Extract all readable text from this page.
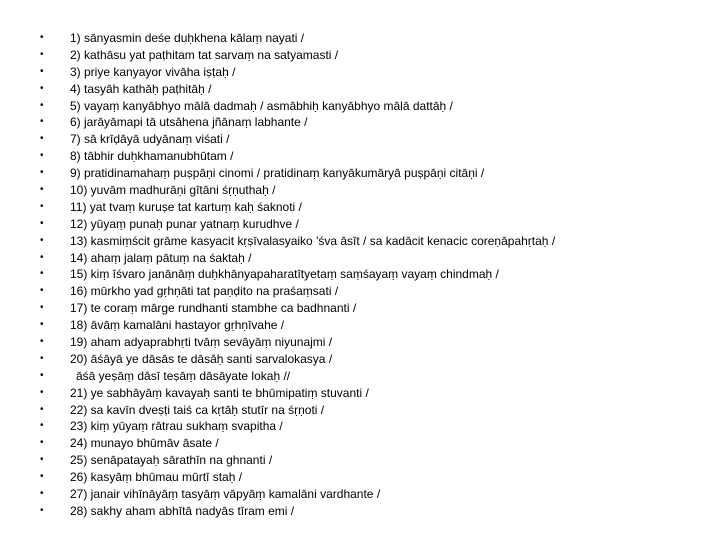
•	1) sānyasmin deśe duḥkhena kālaṃ nayati /
•	2) kathāsu yat paṭhitam tat sarvaṃ na satyamasti /
•	3) priye kanyayor vivāha iṣṭaḥ /
•	4) tasyāh kathāḥ paṭhitāḥ /
•	5) vayaṃ kanyābhyo mālā dadmaḥ / asmābhiḥ kanyābhyo mālā dattāḥ /
•	6) jarāyāmapi tā utsāhena jñānaṃ labhante /
•	7) sā krīḍāyā udyānaṃ viśati /
•	8) tābhir duḥkhamanubhūtam /
•	9) pratidinamahaṃ puṣpāṇi cinomi / pratidinaṃ kanyākumāryā puṣpāṇi citāṇi /
•	10) yuvām madhurāṇi gītāni śṛṇuthaḥ /
•	11) yat tvaṃ kuruṣe tat kartuṃ kaḥ śaknoti /
•	12) yūyaṃ punaḥ punar yatnaṃ kurudhve /
•	13) kasmiṃścit grāme kasyacit kṛṣīvalasyaiko 'śva āsīt / sa kadācit kenacic coreṇāpahṛtaḥ /
•	14) ahaṃ jalaṃ pātuṃ na śaktaḥ /
•	15) kiṃ īśvaro janānāṃ duḥkhānyapaharatītyetaṃ saṃśayaṃ vayaṃ chindmaḥ /
•	16) mūrkho yad gṛhṇāti tat paṇḍito na praśaṃsati /
•	17) te coraṃ mārge rundhanti stambhe ca badhnanti /
•	18) āvāṃ kamalāni hastayor gṛhṇīvahe /
•	19) aham adyaprabhṛti tvāṃ sevāyāṃ niyunajmi /
•	20) āśāyā ye dāsās te dāsāḥ santi sarvalokasya /
•	āśā yeṣāṃ dāsī teṣāṃ dāsāyate lokaḥ //
•	21) ye sabhāyāṃ kavayaḥ santi te bhūmipatiṃ stuvanti /
•	22) sa kavīn dveṣṭi taiś ca kṛtāḥ stutīr na śṛṇoti /
•	23) kiṃ yūyaṃ rātrau sukhaṃ svapitha /
•	24) munayo bhūmāv āsate /
•	25) senāpatayaḥ sārathīn na ghnanti /
•	26) kasyāṃ bhūmau mūrtī staḥ /
•	27) janair vihīnāyāṃ tasyāṃ vāpyāṃ kamalāni vardhante /
•	28) sakhy aham abhītā nadyās tīram emi /
